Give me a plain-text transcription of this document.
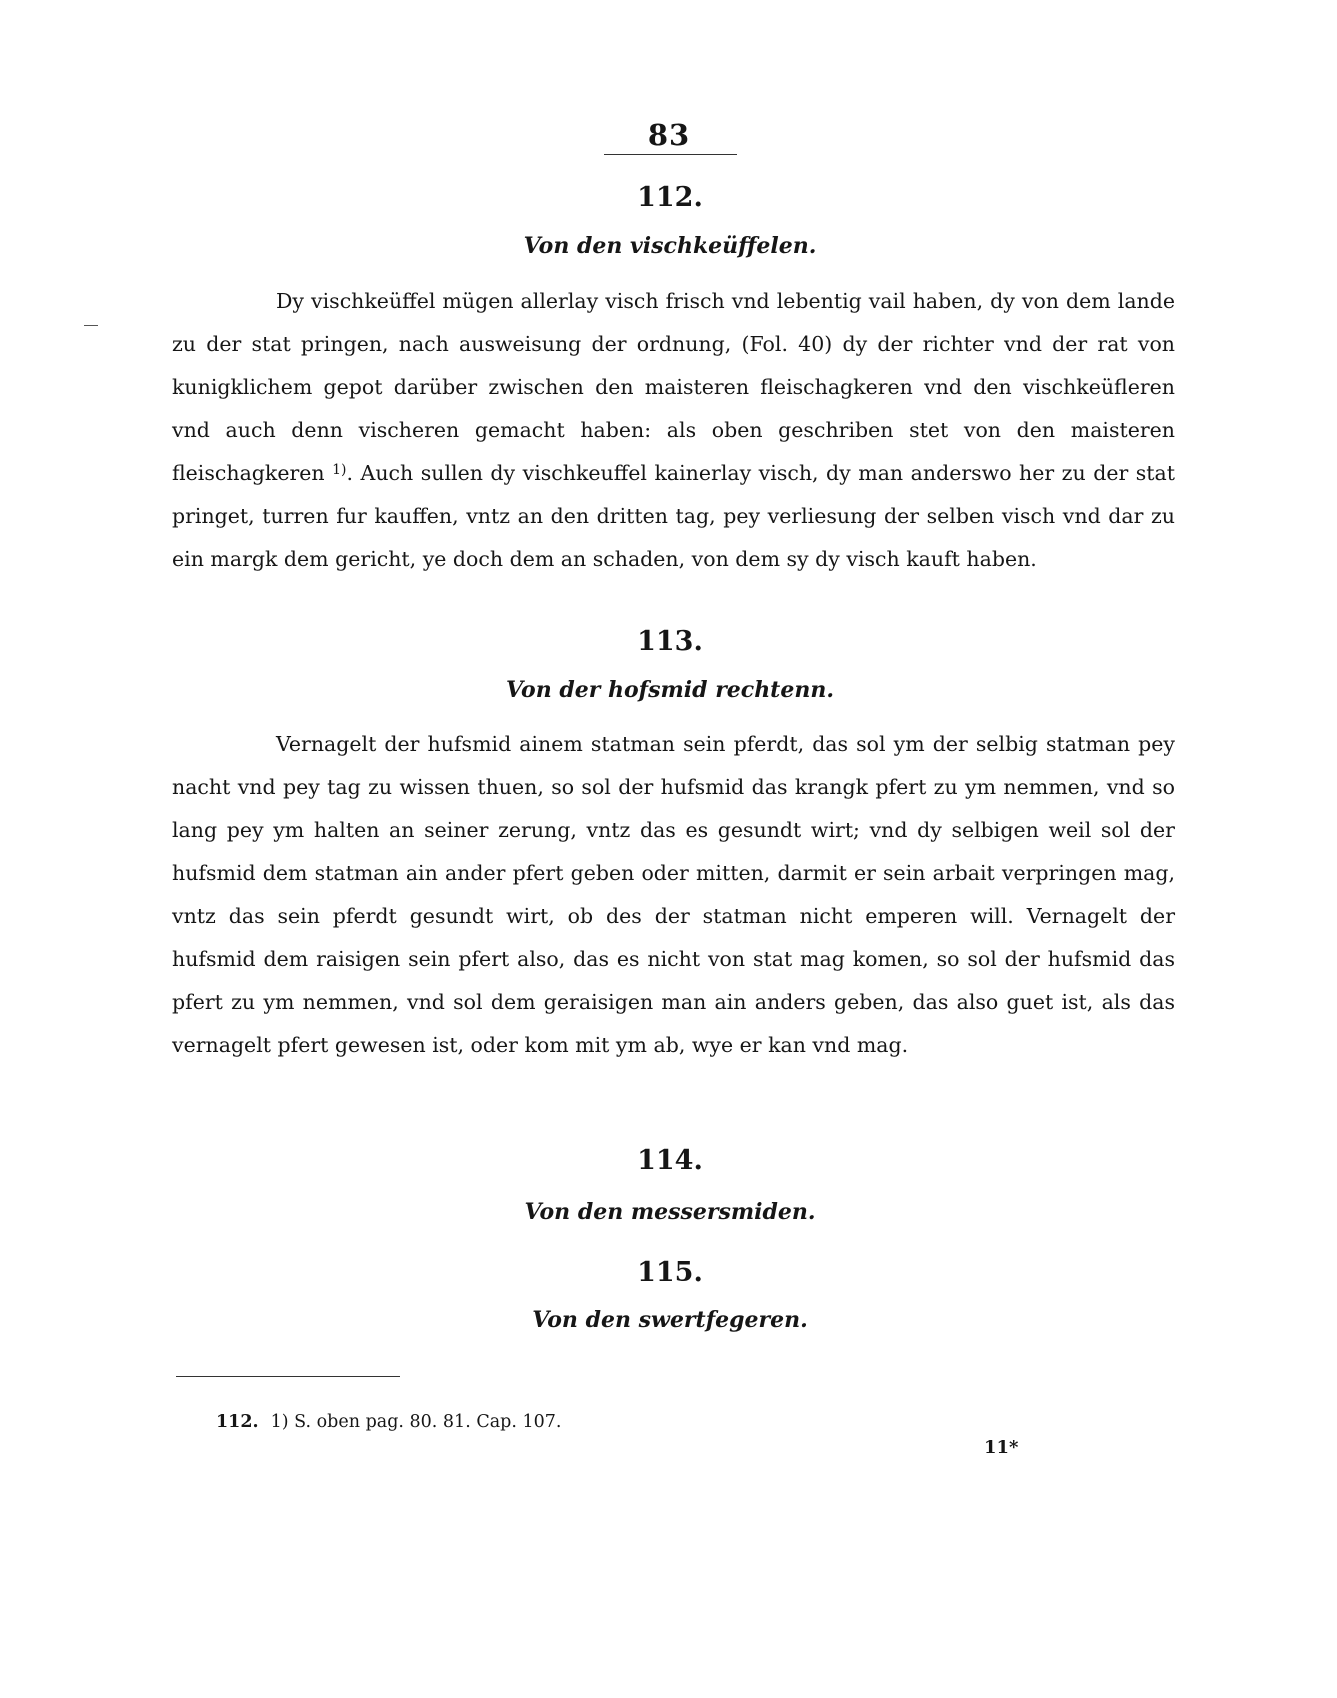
83
112.
Von den vischkeüffelen.

Dy vischkeüffel mügen allerlay visch frisch vnd lebentig vail haben, dy von dem lande zu der stat pringen, nach ausweisung der ordnung, (Fol. 40) dy der richter vnd der rat von kunigklichem gepot darüber zwischen den maisteren fleischagkeren vnd den vischkeüfleren vnd auch denn vischeren gemacht haben: als oben geschriben stet von den maisteren fleischagkeren $^{1)}$. Auch sullen dy vischkeuffel kainerlay visch, dy man anderswo her zu der stat pringet, turren fur kauffen, vntz an den dritten tag, pey verliesung der selben visch vnd dar zu ein margk dem gericht, ye doch dem an schaden, von dem sy dy visch kauft haben.

113.
Von der hofsmid rechtenn.

Vernagelt der hufsmid ainem statman sein pferdt, das sol ym der selbig statman pey nacht vnd pey tag zu wissen thuen, so sol der hufsmid das krangk pfert zu ym nemmen, vnd so lang pey ym halten an seiner zerung, vntz das es gesundt wirt; vnd dy selbigen weil sol der hufsmid dem statman ain ander pfert geben oder mitten, darmit er sein arbait verpringen mag, vntz das sein pferdt gesundt wirt, ob des der statman nicht emperen will. Vernagelt der hufsmid dem raisigen sein pfert also, das es nicht von stat mag komen, so sol der hufsmid das pfert zu ym nemmen, vnd sol dem geraisigen man ain anders geben, das also guet ist, als das vernagelt pfert gewesen ist, oder kom mit ym ab, wye er kan vnd mag.

114.
Von den messersmiden.
115.
Von den swertfegeren.
112. 1) S. oben pag. 80. 81. Cap. 107.
11*
